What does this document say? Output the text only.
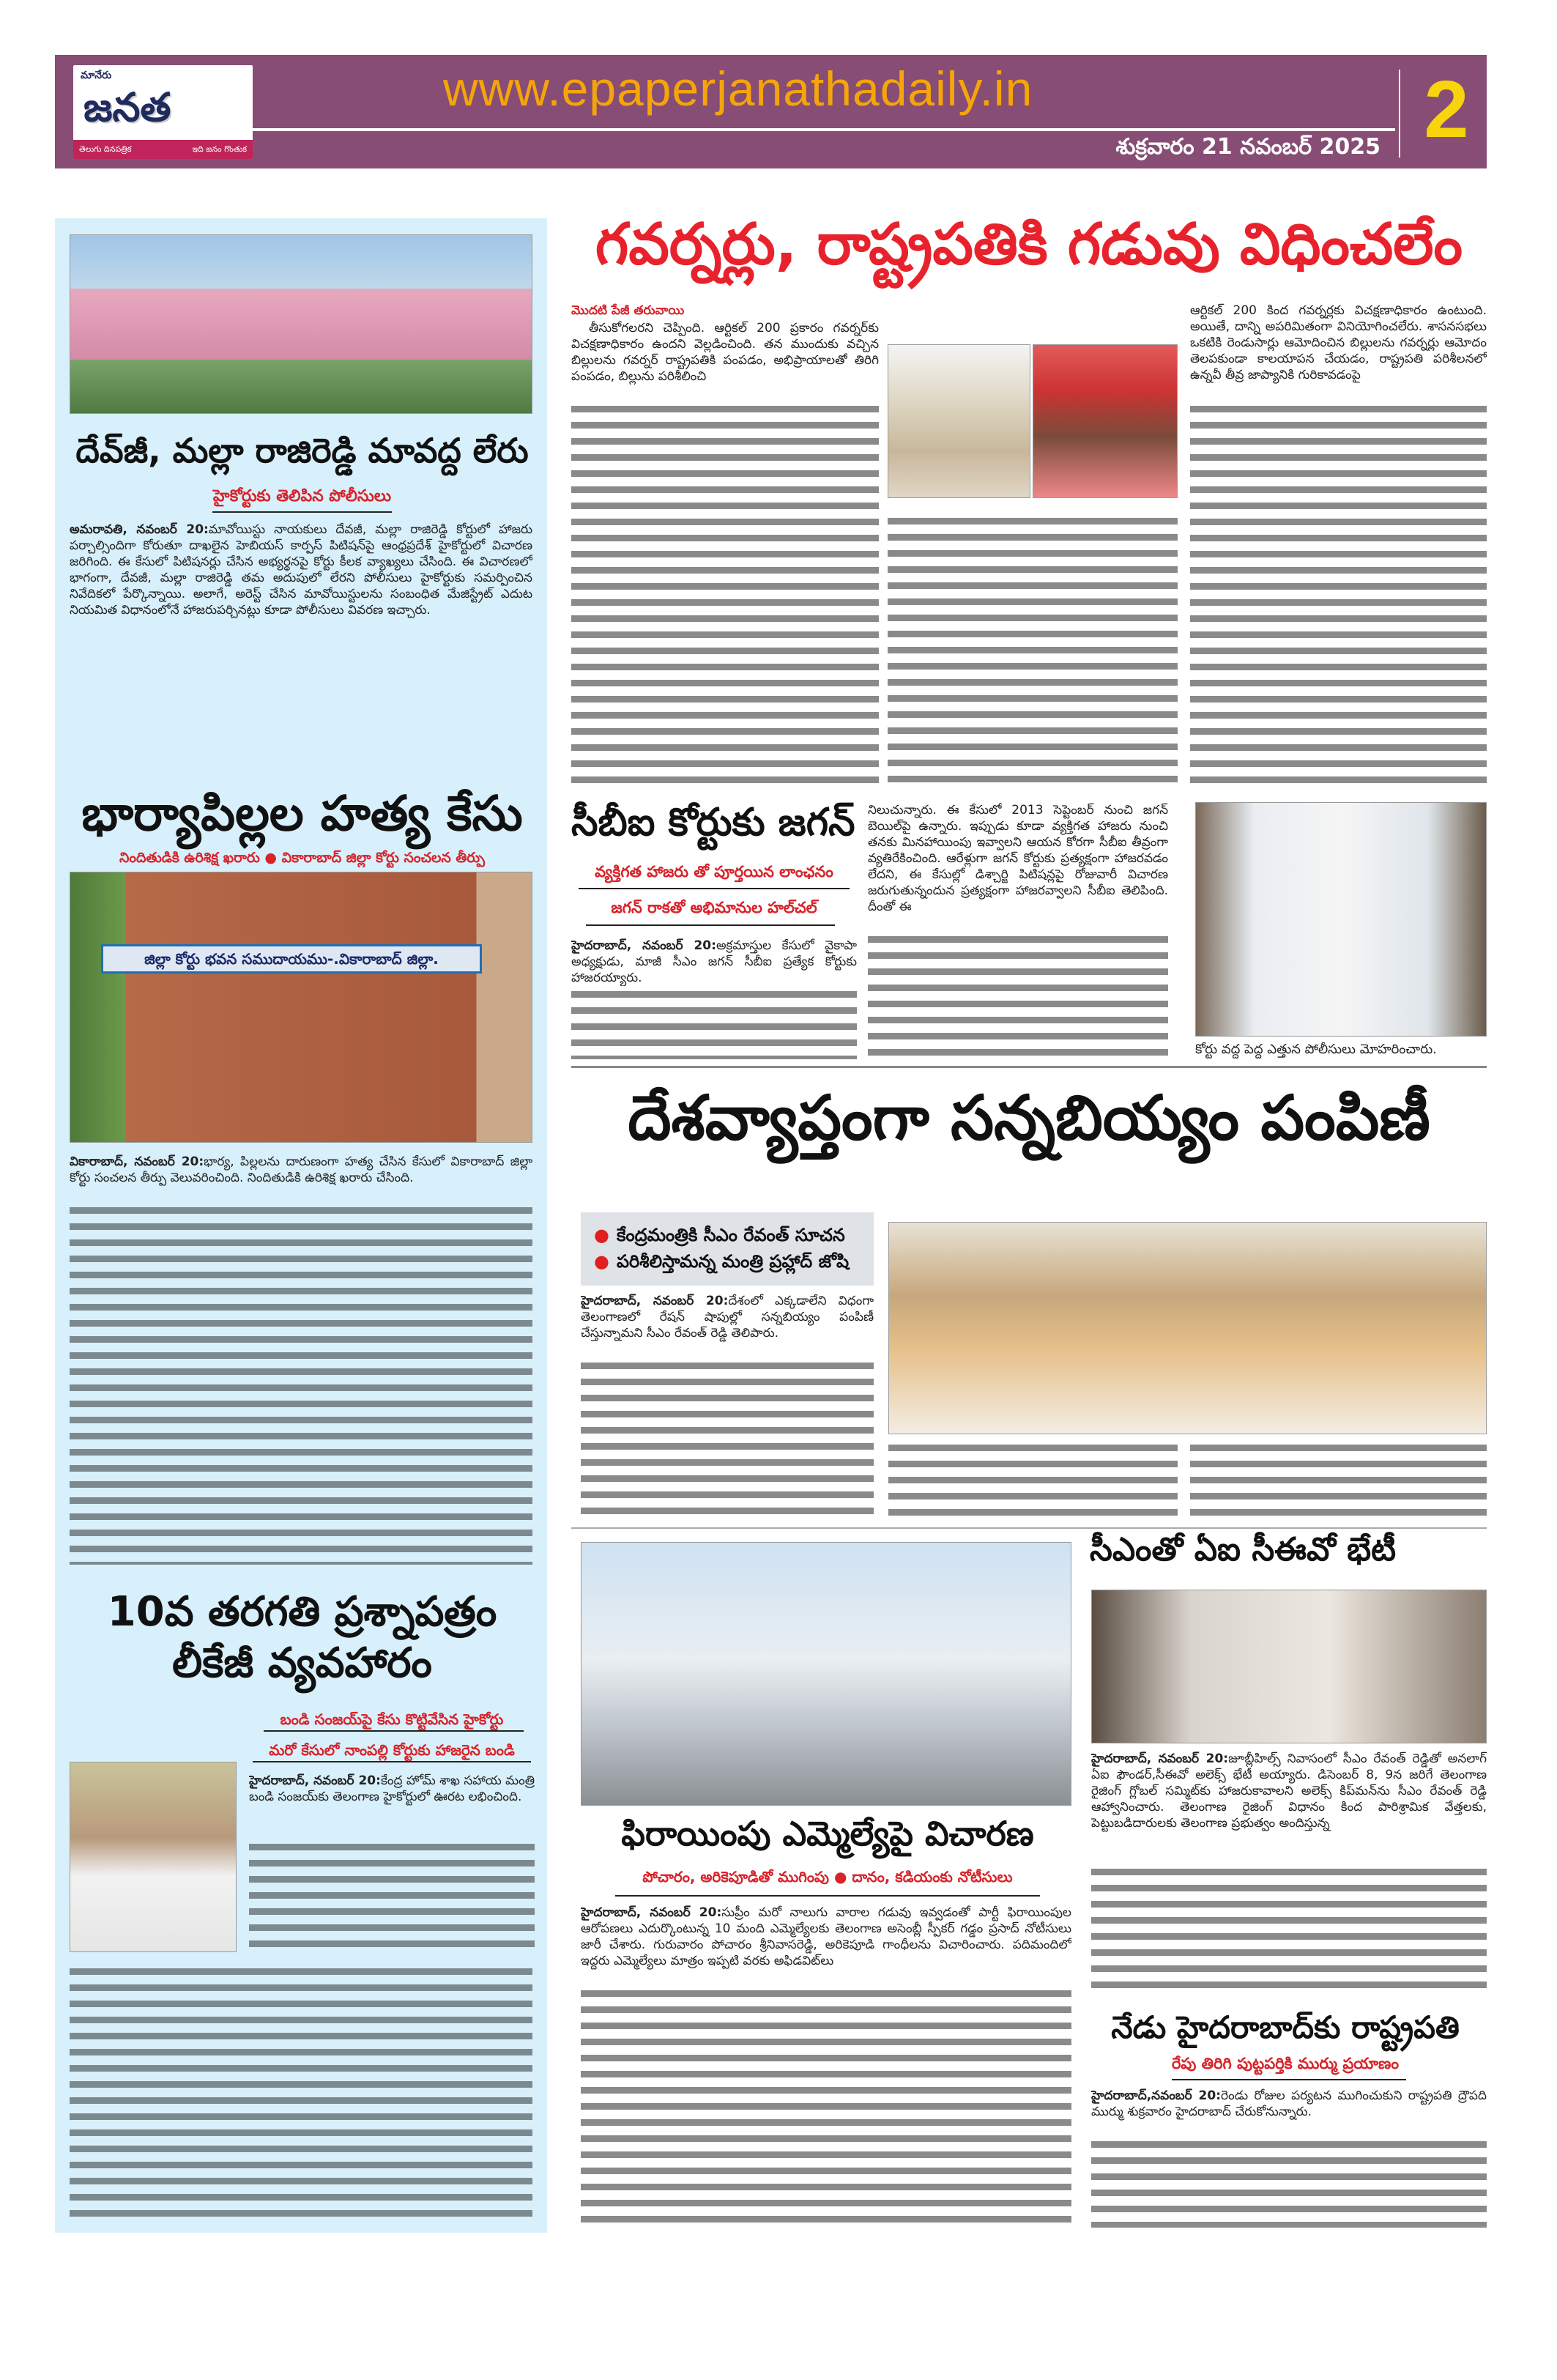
మానేరు
జనత
తెలుగు దినపత్రిక	ఇది జనం గొంతుక
www.epaperjanathadaily.in
శుక్రవారం 21 నవంబర్ 2025 2
దేవ్‌జీ, మల్లా రాజిరెడ్డి మావద్ద లేరు
హైకోర్టుకు తెలిపిన పోలీసులు
అమరావతి, నవంబర్ 20:మావోయిస్టు నాయకులు దేవజీ, మల్లా రాజిరెడ్డి కోర్టులో హాజరు పర్చాల్సిందిగా కోరుతూ దాఖలైన హెబియస్ కార్పస్ పిటిషన్‌పై ఆంధ్రప్రదేశ్ హైకోర్టులో విచారణ జరిగింది. ఈ కేసులో పిటిషనర్లు చేసిన అభ్యర్థనపై కోర్టు కీలక వ్యాఖ్యలు చేసింది. ఈ విచారణలో భాగంగా, దేవజీ, మల్లా రాజిరెడ్డి తమ అదుపులో లేరని పోలీసులు హైకోర్టుకు సమర్పించిన నివేదికలో పేర్కొన్నాయి. అలాగే, అరెస్ట్ చేసిన మావోయిస్టులను సంబంధిత మేజిస్ట్రేట్ ఎదుట నియమిత విధానంలోనే హాజరుపర్చినట్లు కూడా పోలీసులు వివరణ ఇచ్చారు.
భార్యాపిల్లల హత్య కేసు
నిందితుడికి ఉరిశిక్ష ఖరారు ● వికారాబాద్ జిల్లా కోర్టు సంచలన తీర్పు
జిల్లా కోర్టు భవన సముదాయము-.వికారాబాద్ జిల్లా.
వికారాబాద్, నవంబర్ 20:భార్య, పిల్లలను దారుణంగా హత్య చేసిన కేసులో వికారాబాద్ జిల్లా కోర్టు సంచలన తీర్పు వెలువరించింది. నిందితుడికి ఉరిశిక్ష ఖరారు చేసింది.
10వ తరగతి ప్రశ్నాపత్రం
లీకేజీ వ్యవహారం
బండి సంజయ్‌పై కేసు కొట్టివేసిన హైకోర్టు
మరో కేసులో నాంపల్లి కోర్టుకు హాజరైన బండి
హైదరాబాద్, నవంబర్ 20:కేంద్ర హోమ్ శాఖ సహాయ మంత్రి బండి సంజయ్‌కు తెలంగాణ హైకోర్టులో ఊరట లభించింది.
గవర్నర్లు, రాష్ట్రపతికి గడువు విధించలేం
మొదటి పేజీ తరువాయి
తీసుకోగలరని చెప్పింది. ఆర్టికల్ 200 ప్రకారం గవర్నర్‌కు విచక్షణాధికారం ఉందని వెల్లడించింది. తన ముందుకు వచ్చిన బిల్లులను గవర్నర్ రాష్ట్రపతికి పంపడం, అభిప్రాయాలతో తిరిగి పంపడం, బిల్లును పరిశీలించి
ఆర్టికల్ 200 కింద గవర్నర్లకు విచక్షణాధికారం ఉంటుంది. అయితే, దాన్ని అపరిమితంగా వినియోగించలేరు. శాసనసభలు ఒకటికి రెండుసార్లు ఆమోదించిన బిల్లులను గవర్నర్లు ఆమోదం తెలపకుండా కాలయాపన చేయడం, రాష్ట్రపతి పరిశీలనలో ఉన్నవీ తీవ్ర జాప్యానికి గురికావడంపై
సీబీఐ కోర్టుకు జగన్
వ్యక్తిగత హాజరు తో పూర్తయిన లాంఛనం
జగన్ రాకతో అభిమానుల హల్‌చల్
హైదరాబాద్, నవంబర్ 20:అక్రమాస్తుల కేసులో వైకాపా అధ్యక్షుడు, మాజీ సీఎం జగన్ సీబీఐ ప్రత్యేక కోర్టుకు హాజరయ్యారు.
నిలుచున్నారు. ఈ కేసులో 2013 సెప్టెంబర్ నుంచి జగన్ బెయిల్‌పై ఉన్నారు. ఇప్పుడు కూడా వ్యక్తిగత హాజరు నుంచి తనకు మినహాయింపు ఇవ్వాలని ఆయన కోరగా సీబీఐ తీవ్రంగా వ్యతిరేకించింది. ఆరేళ్లుగా జగన్ కోర్టుకు ప్రత్యక్షంగా హాజరవడం లేదని, ఈ కేసుల్లో డిశ్చార్జి పిటిషన్లపై రోజువారీ విచారణ జరుగుతున్నందున ప్రత్యక్షంగా హాజరవ్వాలని సీబీఐ తెలిపింది. దీంతో ఈ
కోర్టు వద్ద పెద్ద ఎత్తున పోలీసులు మోహరించారు.
దేశవ్యాప్తంగా సన్నబియ్యం పంపిణీ
● కేంద్రమంత్రికి సీఎం రేవంత్ సూచన
● పరిశీలిస్తామన్న మంత్రి ప్రహ్లాద్ జోషి
హైదరాబాద్, నవంబర్ 20:దేశంలో ఎక్కడాలేని విధంగా తెలంగాణలో రేషన్ షాపుల్లో సన్నబియ్యం పంపిణీ చేస్తున్నామని సీఎం రేవంత్ రెడ్డి తెలిపారు.
ఫిరాయింపు ఎమ్మెల్యేపై విచారణ
పోచారం, అరికెపూడితో ముగింపు ● దానం, కడియంకు నోటీసులు
హైదరాబాద్, నవంబర్ 20:సుప్రీం మరో నాలుగు వారాల గడువు ఇవ్వడంతో పార్టీ ఫిరాయింపుల ఆరోపణలు ఎదుర్కొంటున్న 10 మంది ఎమ్మెల్యేలకు తెలంగాణ అసెంబ్లీ స్పీకర్ గడ్డం ప్రసాద్ నోటీసులు జారీ చేశారు. గురువారం పోచారం శ్రీనివాసరెడ్డి, అరికెపూడి గాంధీలను విచారించారు. పదిమందిలో ఇద్దరు ఎమ్మెల్యేలు మాత్రం ఇప్పటి వరకు అఫిడవిట్‌లు
సీఎంతో ఏఐ సీఈవో భేటీ
హైదరాబాద్, నవంబర్ 20:జూబ్లీహిల్స్ నివాసంలో సీఎం రేవంత్ రెడ్డితో అనలాగ్ ఏఐ ఫౌండర్,సీఈవో అలెక్స్ భేటీ అయ్యారు. డిసెంబర్ 8, 9న జరిగే తెలంగాణ రైజింగ్ గ్లోబల్ సమ్మిట్‌కు హాజరుకావాలని అలెక్స్ కిప్‌మన్‌ను సీఎం రేవంత్ రెడ్డి ఆహ్వానించారు. తెలంగాణ రైజింగ్ విధానం కింద పారిశ్రామిక వేత్తలకు, పెట్టుబడిదారులకు తెలంగాణ ప్రభుత్వం అందిస్తున్న
నేడు హైదరాబాద్‌కు రాష్ట్రపతి
రేపు తిరిగి పుట్టపర్తికి ముర్ము ప్రయాణం
హైదరాబాద్,నవంబర్ 20:రెండు రోజుల పర్యటన ముగించుకుని రాష్ట్రపతి ద్రౌపది ముర్ము శుక్రవారం హైదరాబాద్ చేరుకోనున్నారు.
